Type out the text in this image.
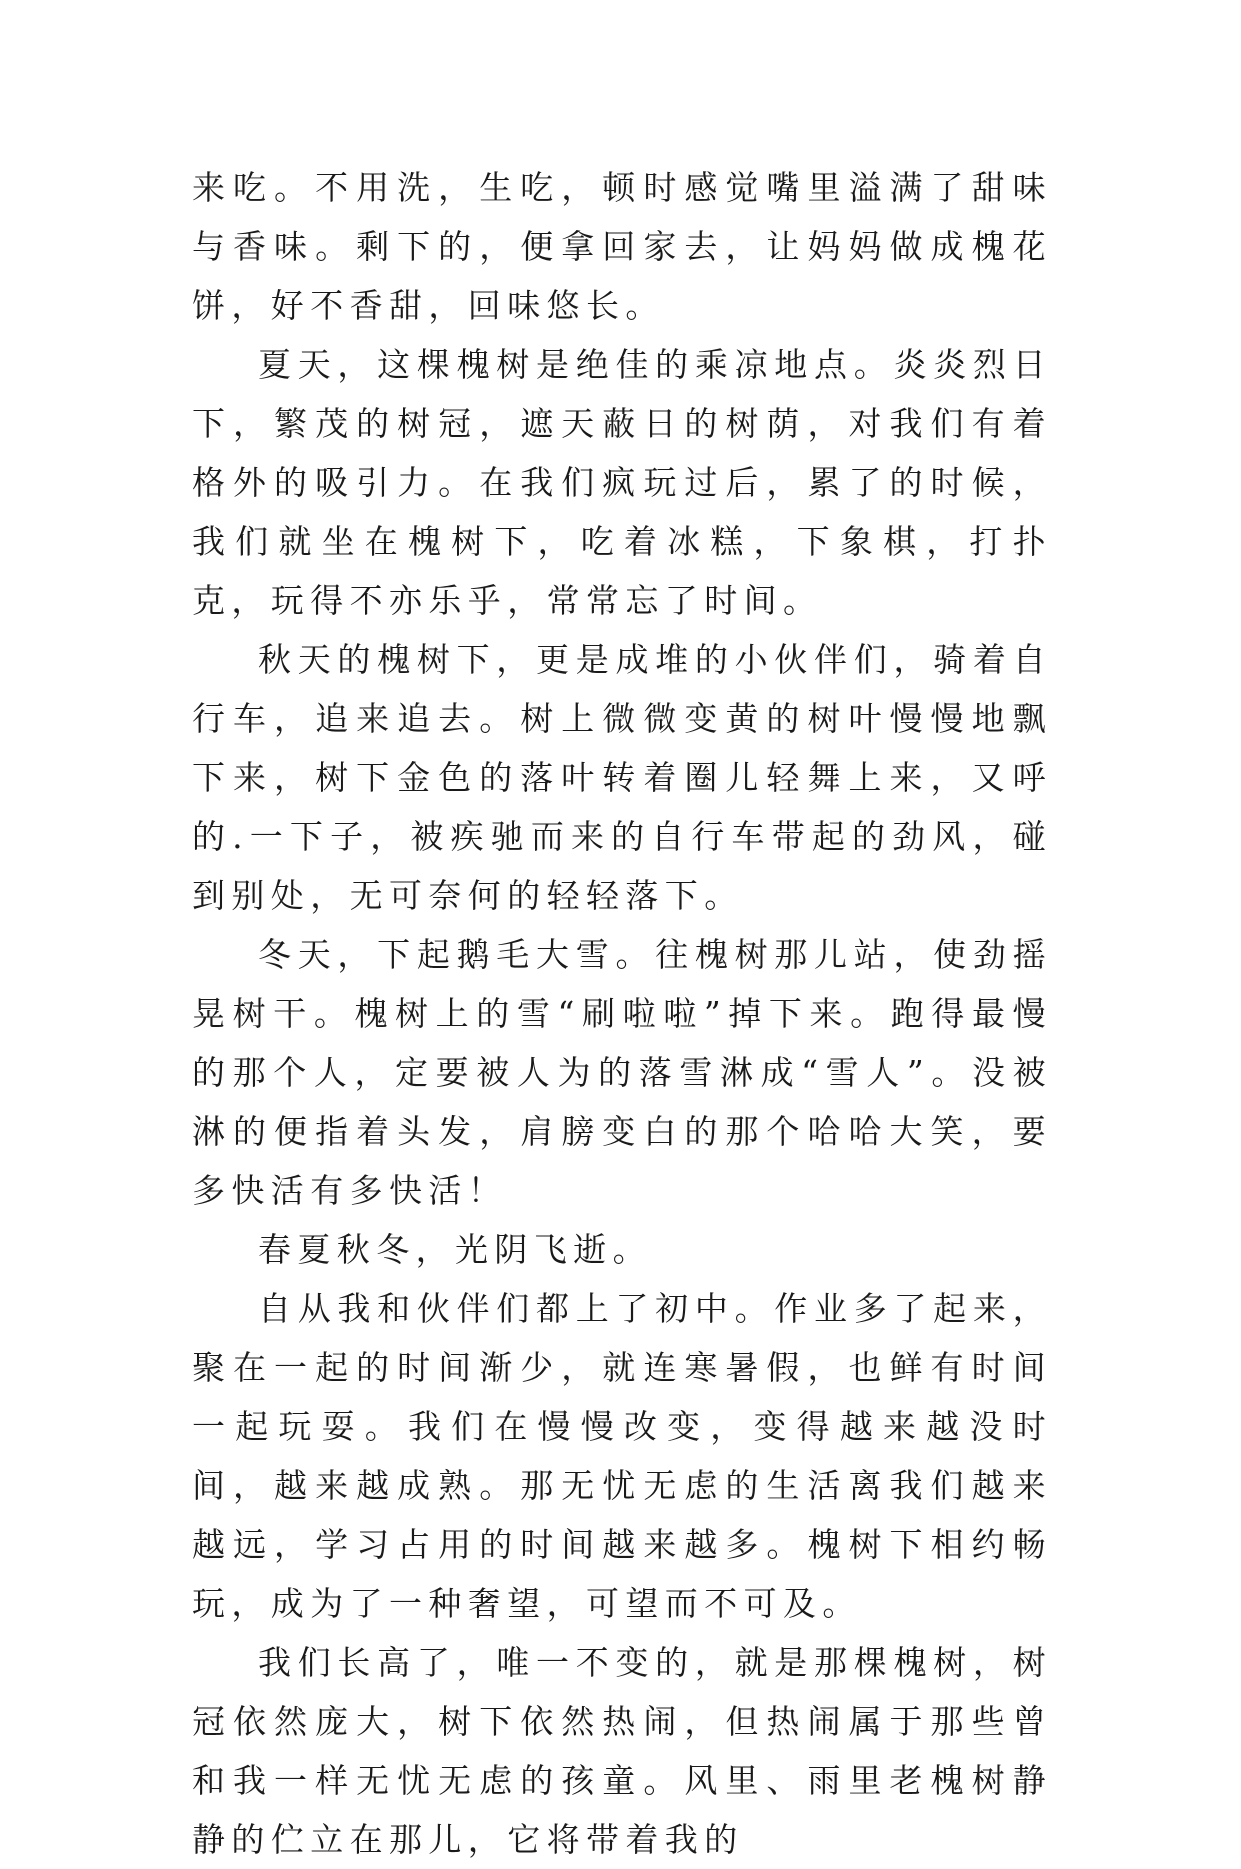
来吃。不用洗，生吃，顿时感觉嘴里溢满了甜味与香味。剩下的，便拿回家去，让妈妈做成槐花饼，好不香甜，回味悠长。

夏天，这棵槐树是绝佳的乘凉地点。炎炎烈日下，繁茂的树冠，遮天蔽日的树荫，对我们有着格外的吸引力。在我们疯玩过后，累了的时候，我们就坐在槐树下，吃着冰糕，下象棋，打扑克，玩得不亦乐乎，常常忘了时间。

秋天的槐树下，更是成堆的小伙伴们，骑着自行车，追来追去。树上微微变黄的树叶慢慢地飘下来，树下金色的落叶转着圈儿轻舞上来，又呼的.一下子，被疾驰而来的自行车带起的劲风，碰到别处，无可奈何的轻轻落下。

冬天，下起鹅毛大雪。往槐树那儿站，使劲摇晃树干。槐树上的雪“刷啦啦”掉下来。跑得最慢的那个人，定要被人为的落雪淋成“雪人”。没被淋的便指着头发，肩膀变白的那个哈哈大笑，要多快活有多快活！

春夏秋冬，光阴飞逝。

自从我和伙伴们都上了初中。作业多了起来，聚在一起的时间渐少，就连寒暑假，也鲜有时间一起玩耍。我们在慢慢改变，变得越来越没时间，越来越成熟。那无忧无虑的生活离我们越来越远，学习占用的时间越来越多。槐树下相约畅玩，成为了一种奢望，可望而不可及。

我们长高了，唯一不变的，就是那棵槐树，树冠依然庞大，树下依然热闹，但热闹属于那些曾和我一样无忧无虑的孩童。风里、雨里老槐树静静的伫立在那儿，它将带着我的
